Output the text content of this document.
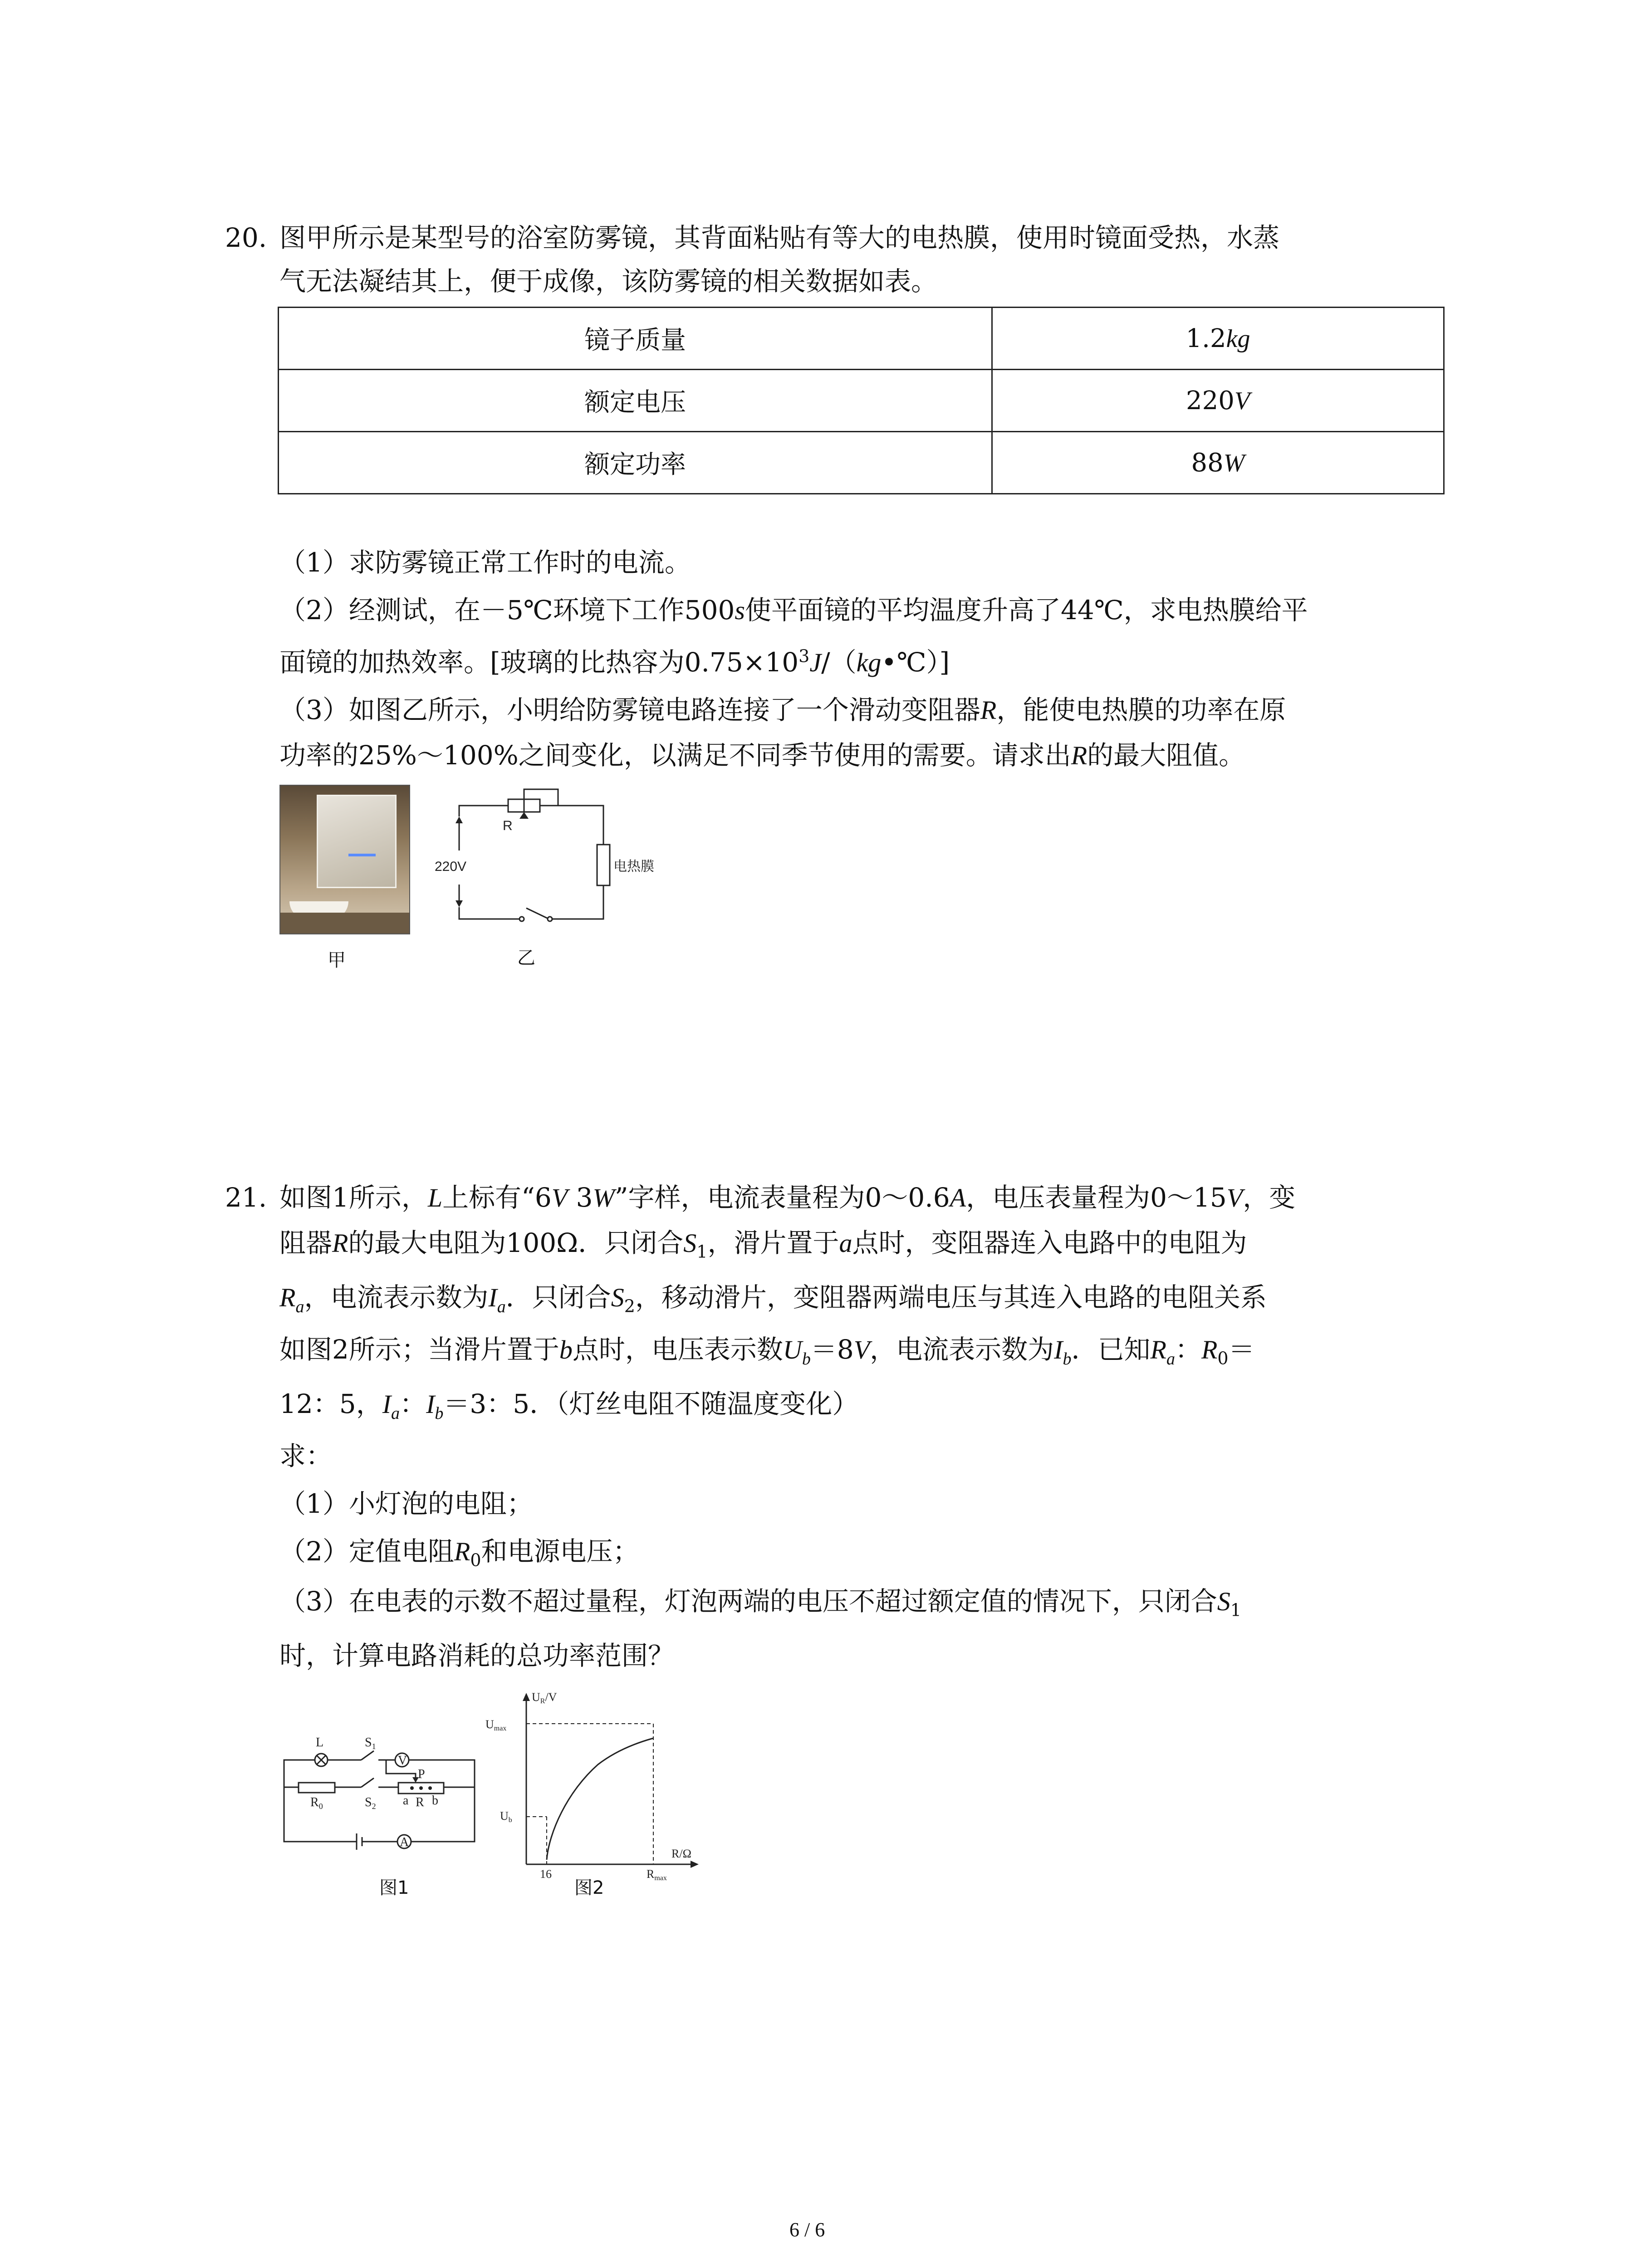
20. 图甲所示是某型号的浴室防雾镜，其背面粘贴有等大的电热膜，使用时镜面受热，水蒸
气无法凝结其上，便于成像，该防雾镜的相关数据如表。
镜子质量	1.2kg
额定电压	220V
额定功率	88W
（1）求防雾镜正常工作时的电流。
（2）经测试，在－5℃环境下工作500s使平面镜的平均温度升高了44℃，求电热膜给平
面镜的加热效率。[玻璃的比热容为$0.75\times 10^3J/(kg•℃)$]
（3）如图乙所示，小明给防雾镜电路连接了一个滑动变阻器R，能使电热膜的功率在原
功率的25%～100%之间变化，以满足不同季节使用的需要。请求出R的最大阻值。
甲
R
220V	电热膜
乙
21. 如图1所示，L上标有“6V 3W”字样，电流表量程为0～0.6A，电压表量程为0～15V，变
阻器R的最大电阻为100Ω．只闭合$S_1$，滑片置于a点时，变阻器连入电路中的电阻为
$R_a$，电流表示数为$I_a$．只闭合$S_2$，移动滑片，变阻器两端电压与其连入电路的电阻关系
如图2所示；当滑片置于b点时，电压表示数$U_b=8V$，电流表示数为$I_b$．已知$R_a$：$R_0=$
12：5，$I_a$：$I_b=3$：5．（灯丝电阻不随温度变化）
求：
（1）小灯泡的电阻；
（2）定值电阻$R_0$和电源电压；
（3）在电表的示数不超过量程，灯泡两端的电压不超过额定值的情况下，只闭合$S_1$
时，计算电路消耗的总功率范围？
L	$S_1$
V
P
$R_0$	$S_2$ a R b
A
图1
UR/V
Umax
Ub
R/Ω
16	Rmax
图2
6 / 6
